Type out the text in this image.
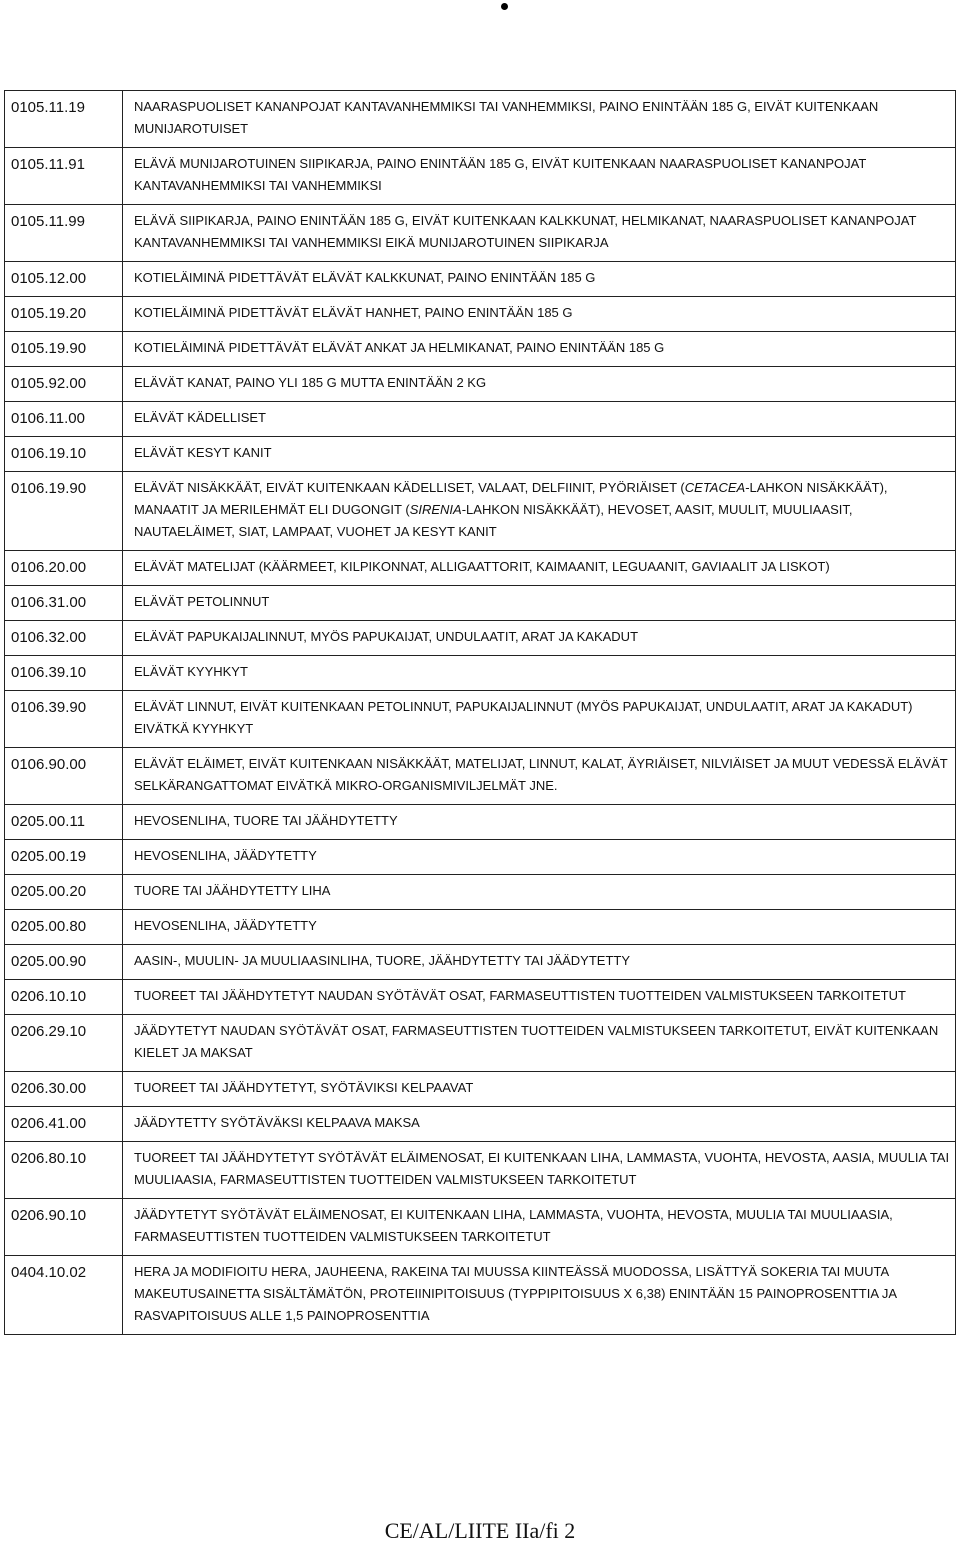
0105.11.19	NAARASPUOLISET KANANPOJAT KANTAVANHEMMIKSI TAI VANHEMMIKSI, PAINO ENINTÄÄN 185 G, EIVÄT KUITENKAAN MUNIJAROTUISET
0105.11.91	ELÄVÄ MUNIJAROTUINEN SIIPIKARJA, PAINO ENINTÄÄN 185 G, EIVÄT KUITENKAAN NAARASPUOLISET KANANPOJAT KANTAVANHEMMIKSI TAI VANHEMMIKSI
0105.11.99	ELÄVÄ SIIPIKARJA, PAINO ENINTÄÄN 185 G, EIVÄT KUITENKAAN KALKKUNAT, HELMIKANAT, NAARASPUOLISET KANANPOJAT KANTAVANHEMMIKSI TAI VANHEMMIKSI EIKÄ MUNIJAROTUINEN SIIPIKARJA
0105.12.00	KOTIELÄIMINÄ PIDETTÄVÄT ELÄVÄT KALKKUNAT, PAINO ENINTÄÄN 185 G
0105.19.20	KOTIELÄIMINÄ PIDETTÄVÄT ELÄVÄT HANHET, PAINO ENINTÄÄN 185 G
0105.19.90	KOTIELÄIMINÄ PIDETTÄVÄT ELÄVÄT ANKAT JA HELMIKANAT, PAINO ENINTÄÄN 185 G
0105.92.00	ELÄVÄT KANAT, PAINO YLI 185 G MUTTA ENINTÄÄN 2 KG
0106.11.00	ELÄVÄT KÄDELLISET
0106.19.10	ELÄVÄT KESYT KANIT
0106.19.90	ELÄVÄT NISÄKKÄÄT, EIVÄT KUITENKAAN KÄDELLISET, VALAAT, DELFIINIT, PYÖRIÄISET (CETACEA-LAHKON NISÄKKÄÄT), MANAATIT JA MERILEHMÄT ELI DUGONGIT (SIRENIA-LAHKON NISÄKKÄÄT), HEVOSET, AASIT, MUULIT, MUULIAASIT, NAUTAELÄIMET, SIAT, LAMPAAT, VUOHET JA KESYT KANIT
0106.20.00	ELÄVÄT MATELIJAT (KÄÄRMEET, KILPIKONNAT, ALLIGAATTORIT, KAIMAANIT, LEGUAANIT, GAVIAALIT JA LISKOT)
0106.31.00	ELÄVÄT PETOLINNUT
0106.32.00	ELÄVÄT PAPUKAIJALINNUT, MYÖS PAPUKAIJAT, UNDULAATIT, ARAT JA KAKADUT
0106.39.10	ELÄVÄT KYYHKYT
0106.39.90	ELÄVÄT LINNUT, EIVÄT KUITENKAAN PETOLINNUT, PAPUKAIJALINNUT (MYÖS PAPUKAIJAT, UNDULAATIT, ARAT JA KAKADUT) EIVÄTKÄ KYYHKYT
0106.90.00	ELÄVÄT ELÄIMET, EIVÄT KUITENKAAN NISÄKKÄÄT, MATELIJAT, LINNUT, KALAT, ÄYRIÄISET, NILVIÄISET JA MUUT VEDESSÄ ELÄVÄT SELKÄRANGATTOMAT EIVÄTKÄ MIKRO-ORGANISMIVILJELMÄT JNE.
0205.00.11	HEVOSENLIHA, TUORE TAI JÄÄHDYTETTY
0205.00.19	HEVOSENLIHA, JÄÄDYTETTY
0205.00.20	TUORE TAI JÄÄHDYTETTY LIHA
0205.00.80	HEVOSENLIHA, JÄÄDYTETTY
0205.00.90	AASIN-, MUULIN- JA MUULIAASINLIHA, TUORE, JÄÄHDYTETTY TAI JÄÄDYTETTY
0206.10.10	TUOREET TAI JÄÄHDYTETYT NAUDAN SYÖTÄVÄT OSAT, FARMASEUTTISTEN TUOTTEIDEN VALMISTUKSEEN TARKOITETUT
0206.29.10	JÄÄDYTETYT NAUDAN SYÖTÄVÄT OSAT, FARMASEUTTISTEN TUOTTEIDEN VALMISTUKSEEN TARKOITETUT, EIVÄT KUITENKAAN KIELET JA MAKSAT
0206.30.00	TUOREET TAI JÄÄHDYTETYT, SYÖTÄVIKSI KELPAAVAT
0206.41.00	JÄÄDYTETTY SYÖTÄVÄKSI KELPAAVA MAKSA
0206.80.10	TUOREET TAI JÄÄHDYTETYT SYÖTÄVÄT ELÄIMENOSAT, EI KUITENKAAN LIHA, LAMMASTA, VUOHTA, HEVOSTA, AASIA, MUULIA TAI MUULIAASIA, FARMASEUTTISTEN TUOTTEIDEN VALMISTUKSEEN TARKOITETUT
0206.90.10	JÄÄDYTETYT SYÖTÄVÄT ELÄIMENOSAT, EI KUITENKAAN LIHA, LAMMASTA, VUOHTA, HEVOSTA, MUULIA TAI MUULIAASIA, FARMASEUTTISTEN TUOTTEIDEN VALMISTUKSEEN TARKOITETUT
0404.10.02	HERA JA MODIFIOITU HERA, JAUHEENA, RAKEINA TAI MUUSSA KIINTEÄSSÄ MUODOSSA, LISÄTTYÄ SOKERIA TAI MUUTA MAKEUTUSAINETTA SISÄLTÄMÄTÖN, PROTEIINIPITOISUUS (TYPPIPITOISUUS X 6,38) ENINTÄÄN 15 PAINOPROSENTTIA JA RASVAPITOISUUS ALLE 1,5 PAINOPROSENTTIA
CE/AL/LIITE IIa/fi 2
